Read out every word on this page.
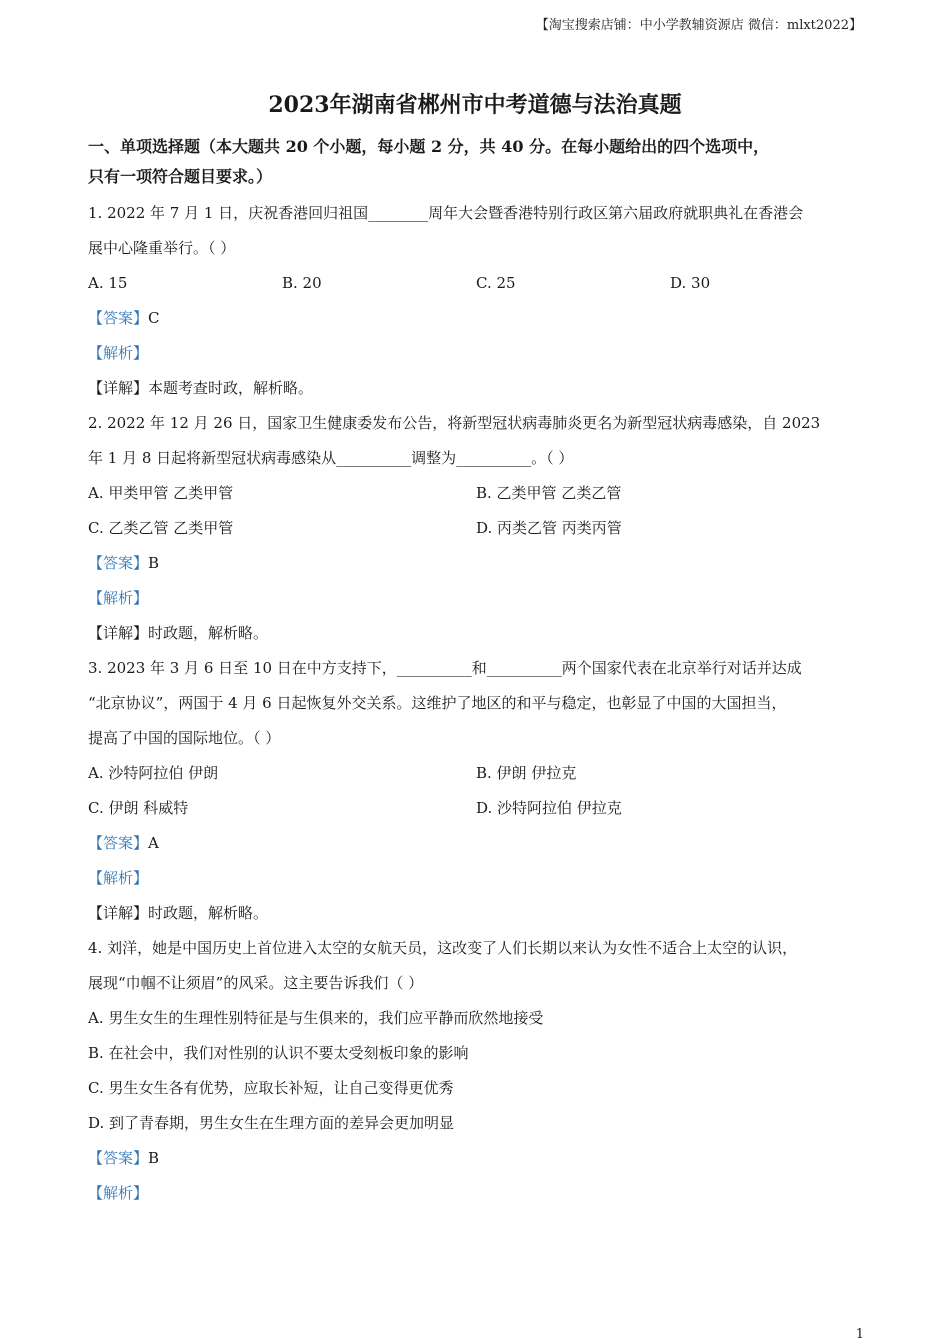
【淘宝搜索店铺：中小学教辅资源店 微信：mlxt2022】
2023年湖南省郴州市中考道德与法治真题
一、单项选择题（本大题共 20 个小题，每小题 2 分，共 40 分。在每小题给出的四个选项中，
只有一项符合题目要求。）

1. 2022 年 7 月 1 日，庆祝香港回归祖国________周年大会暨香港特别行政区第六届政府就职典礼在香港会

展中心隆重举行。（ ）

A. 15	B. 20	C. 25	D. 30

【答案】C

【解析】

【详解】本题考查时政，解析略。

2. 2022 年 12 月 26 日，国家卫生健康委发布公告，将新型冠状病毒肺炎更名为新型冠状病毒感染，自 2023

年 1 月 8 日起将新型冠状病毒感染从__________调整为__________。（ ）

A. 甲类甲管 乙类甲管	B. 乙类甲管 乙类乙管
C. 乙类乙管 乙类甲管	D. 丙类乙管 丙类丙管

【答案】B

【解析】

【详解】时政题，解析略。

3. 2023 年 3 月 6 日至 10 日在中方支持下，__________和__________两个国家代表在北京举行对话并达成

“北京协议”，两国于 4 月 6 日起恢复外交关系。这维护了地区的和平与稳定，也彰显了中国的大国担当，

提高了中国的国际地位。（ ）

A. 沙特阿拉伯 伊朗	B. 伊朗 伊拉克
C. 伊朗 科威特	D. 沙特阿拉伯 伊拉克

【答案】A

【解析】

【详解】时政题，解析略。

4. 刘洋，她是中国历史上首位进入太空的女航天员，这改变了人们长期以来认为女性不适合上太空的认识，

展现“巾帼不让须眉”的风采。这主要告诉我们（ ）

A. 男生女生的生理性别特征是与生俱来的，我们应平静而欣然地接受

B. 在社会中，我们对性别的认识不要太受刻板印象的影响

C. 男生女生各有优势，应取长补短，让自己变得更优秀

D. 到了青春期，男生女生在生理方面的差异会更加明显

【答案】B

【解析】

1
